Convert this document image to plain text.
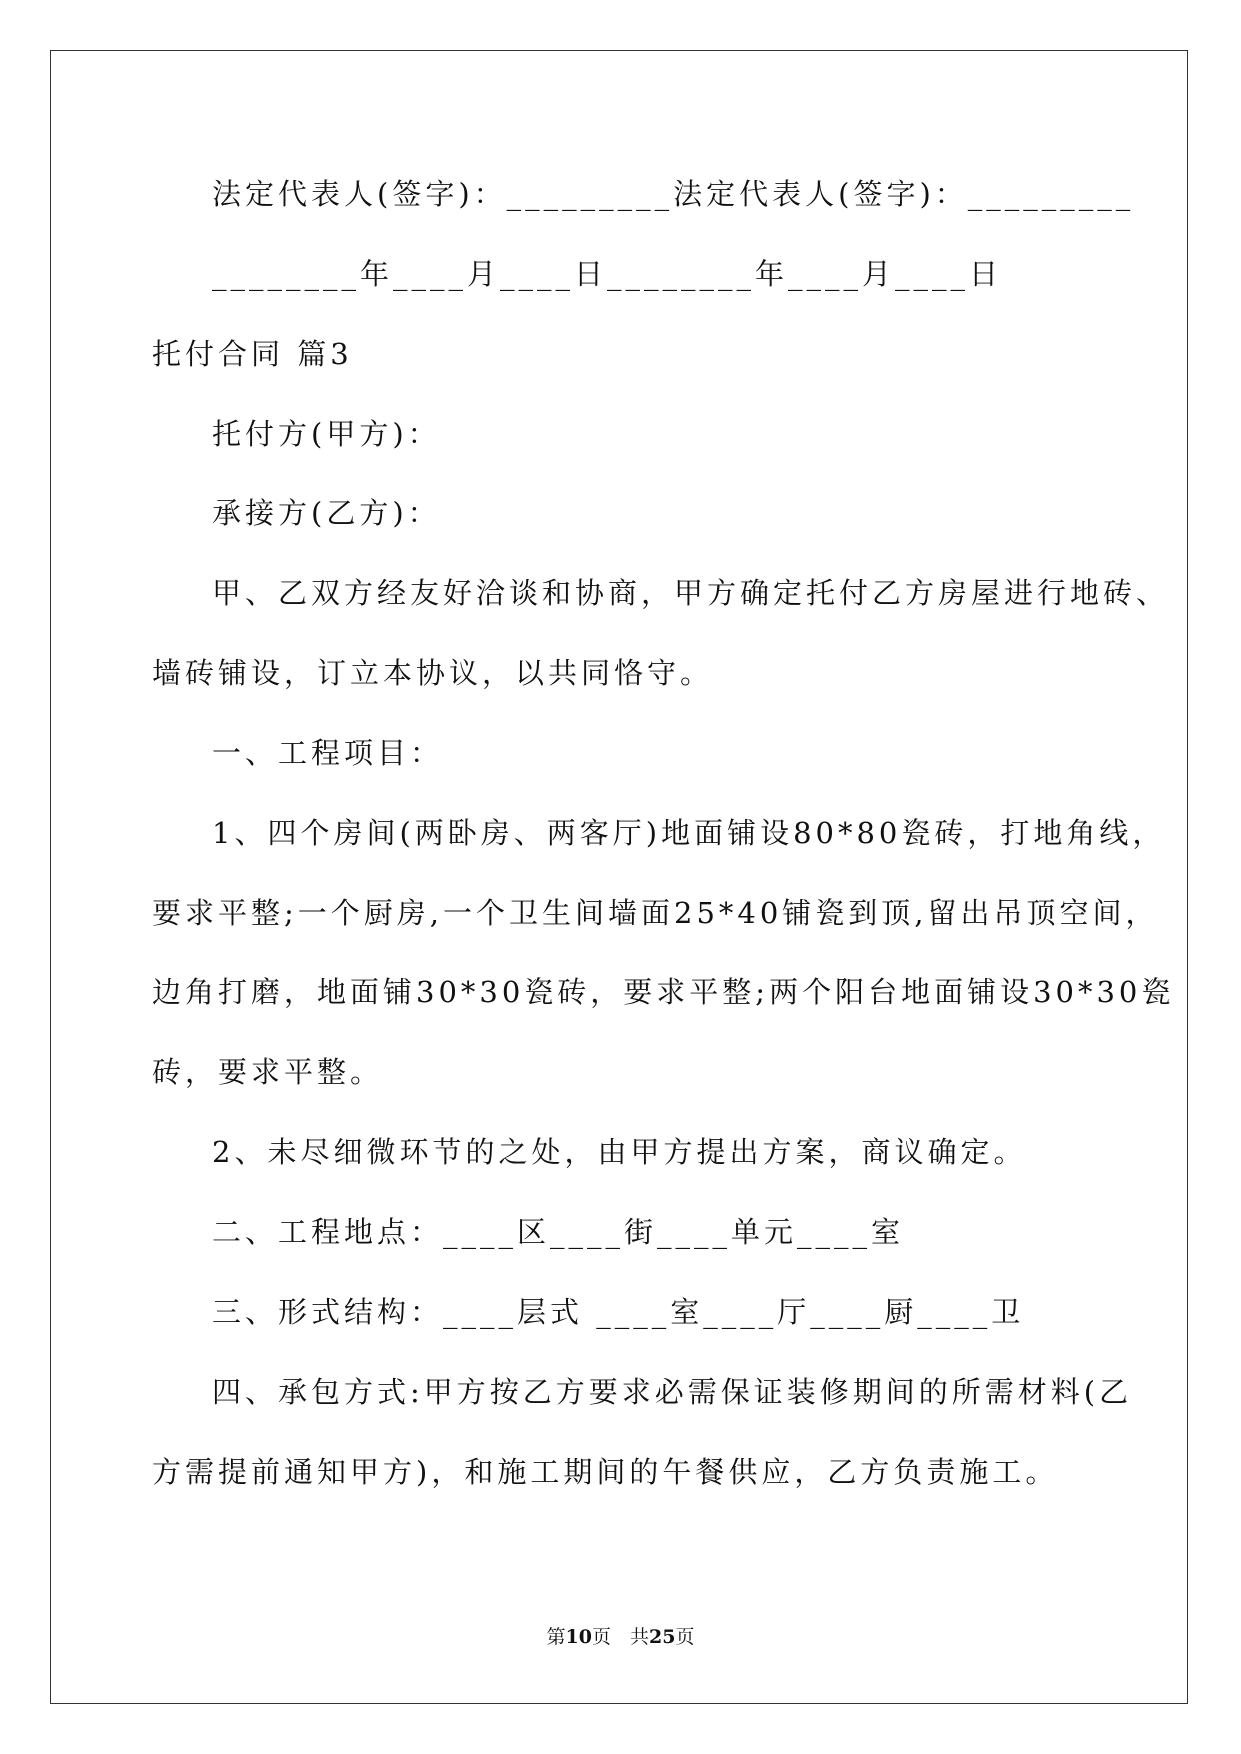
法定代表人(签字)：_________法定代表人(签字)：_________
________年____月____日________年____月____日
托付合同 篇3
托付方(甲方)：
承接方(乙方)：
甲、乙双方经友好洽谈和协商，甲方确定托付乙方房屋进行地砖、
墙砖铺设，订立本协议，以共同恪守。
一、工程项目：
1、四个房间(两卧房、两客厅)地面铺设80*80瓷砖，打地角线，
要求平整;一个厨房,一个卫生间墙面25*40铺瓷到顶,留出吊顶空间，
边角打磨，地面铺30*30瓷砖，要求平整;两个阳台地面铺设30*30瓷
砖，要求平整。
2、未尽细微环节的之处，由甲方提出方案，商议确定。
二、工程地点：____区____街____单元____室
三、形式结构：____层式 ____室____厅____厨____卫
四、承包方式:甲方按乙方要求必需保证装修期间的所需材料(乙
方需提前通知甲方)，和施工期间的午餐供应，乙方负责施工。
第10页　共25页
